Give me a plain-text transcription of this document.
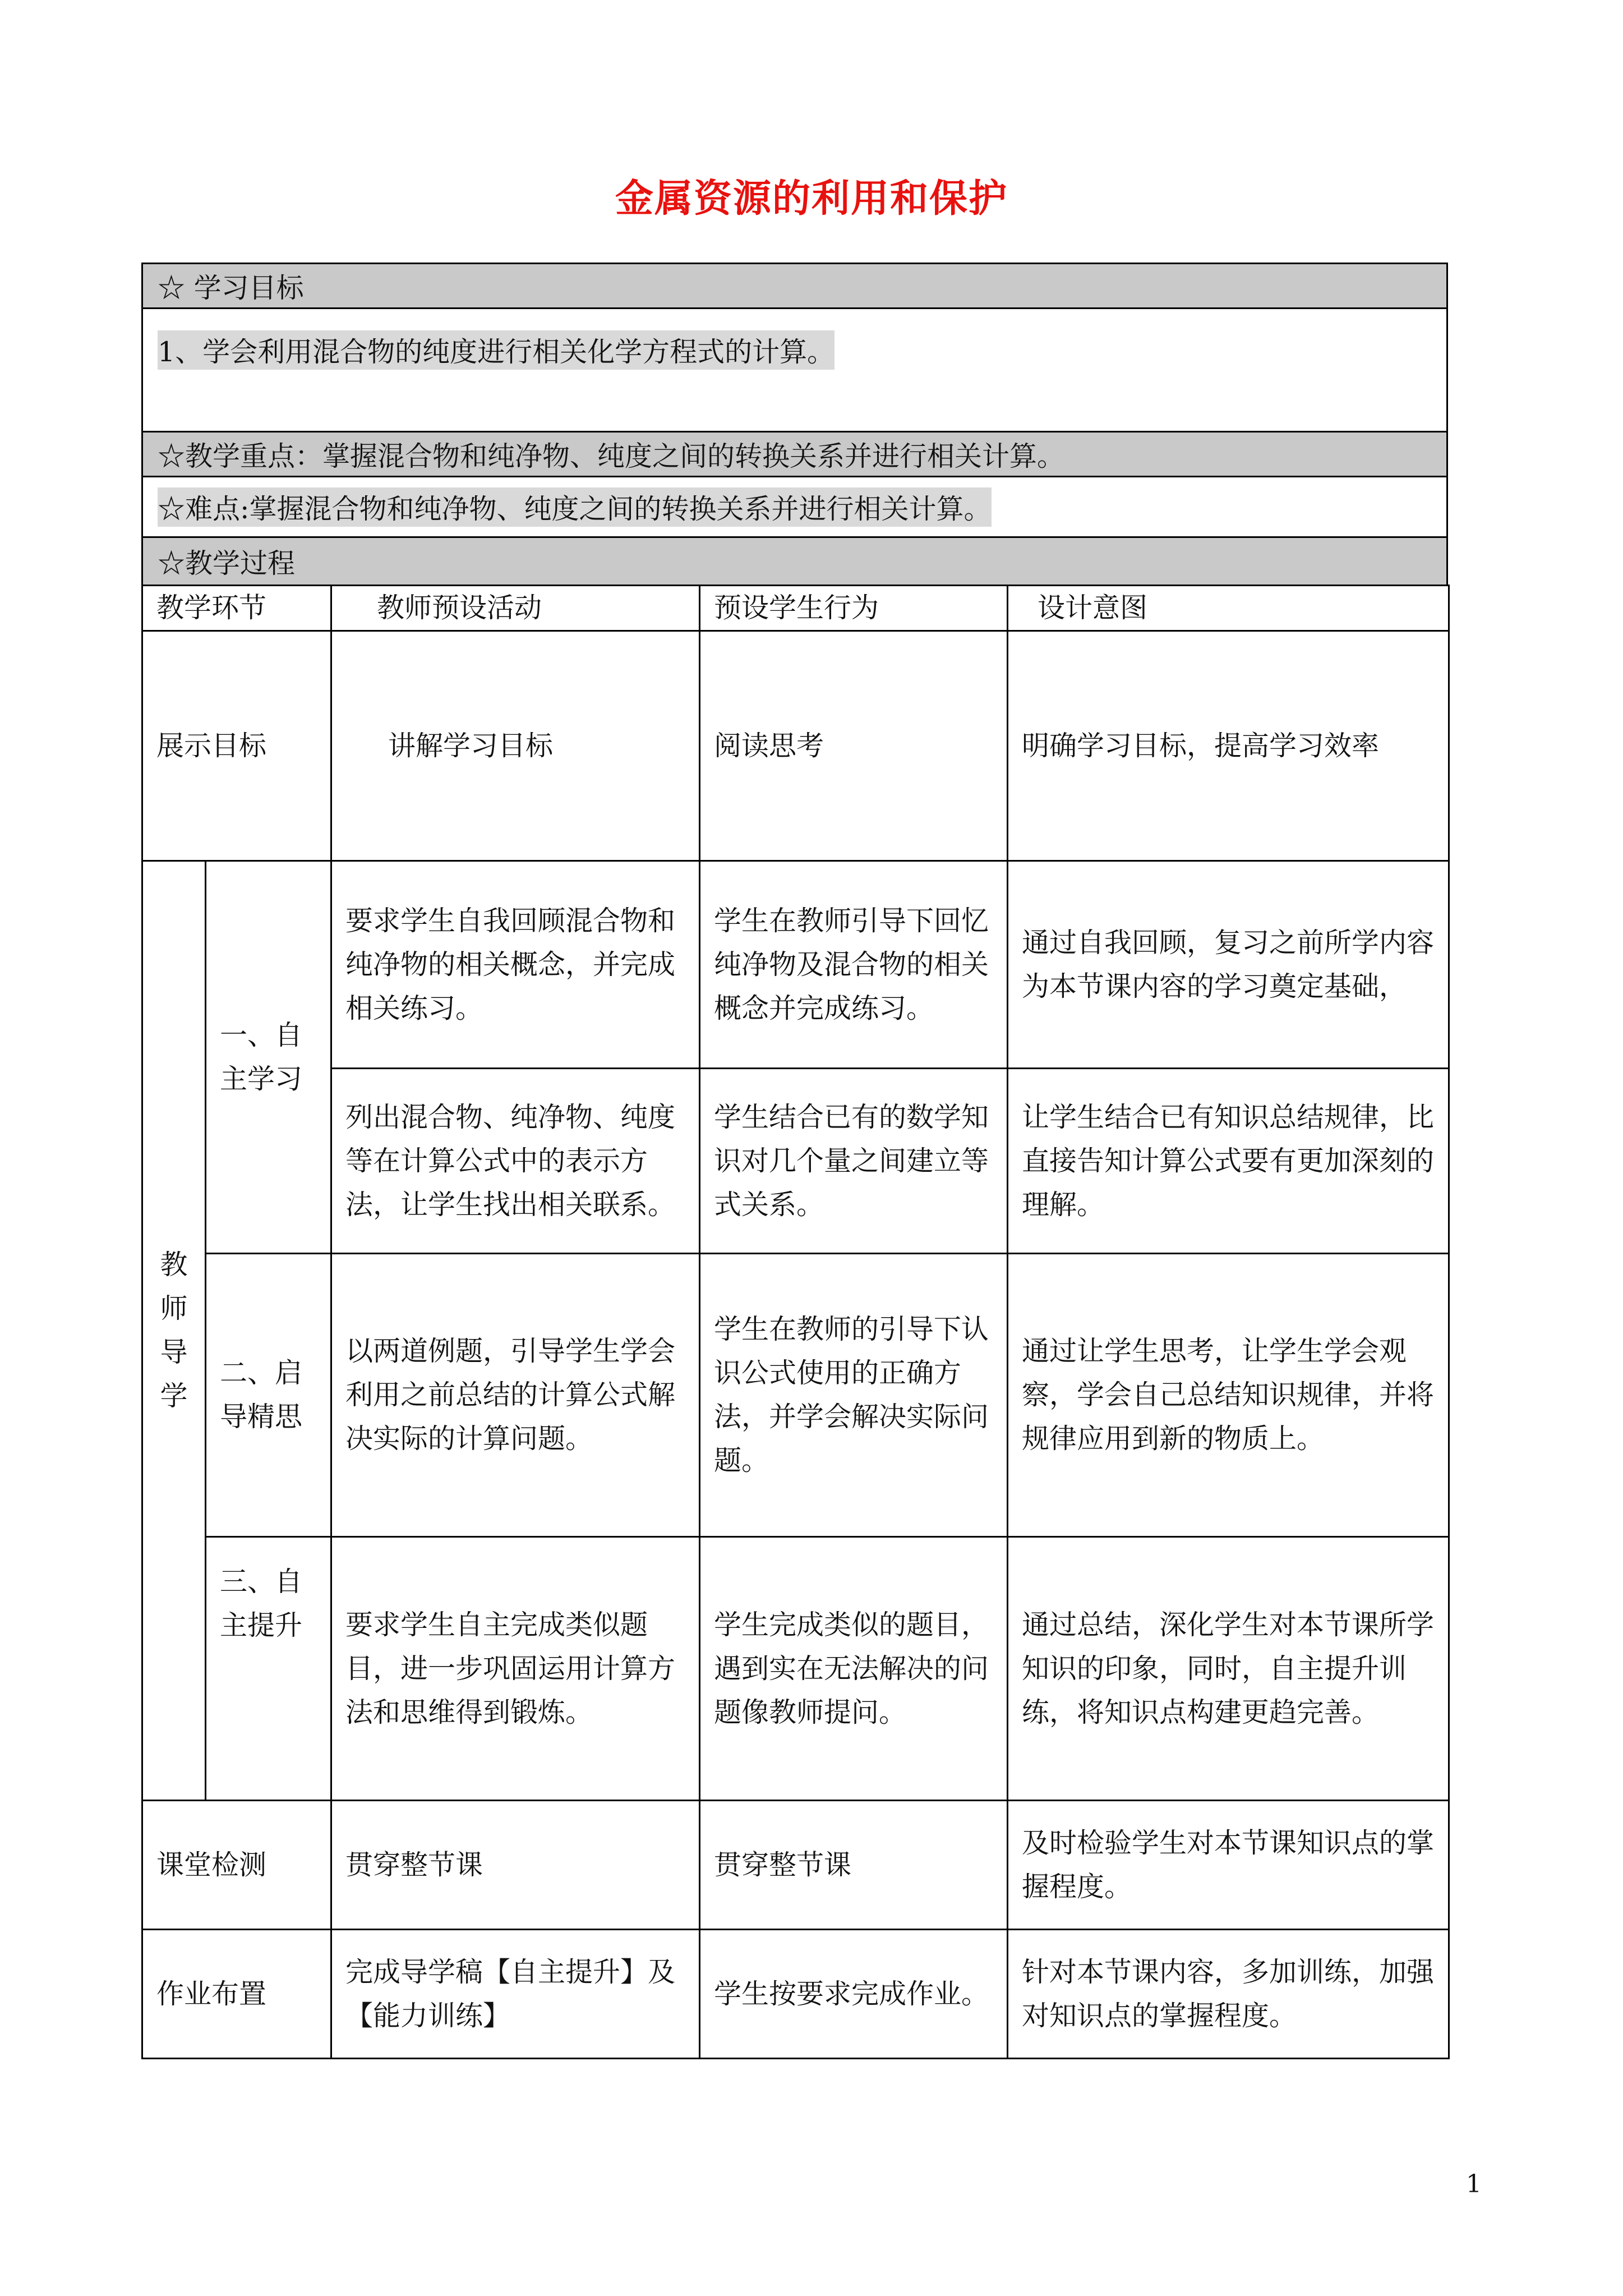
金属资源的利用和保护
☆ 学习目标
1、学会利用混合物的纯度进行相关化学方程式的计算。
☆教学重点：掌握混合物和纯净物、纯度之间的转换关系并进行相关计算。
☆难点:掌握混合物和纯净物、纯度之间的转换关系并进行相关计算。
☆教学过程
教学环节		教师预设活动	预设学生行为	设计意图
展示目标		讲解学习目标	阅读思考	明确学习目标，提高学习效率
教师导学	一、自主学习	要求学生自我回顾混合物和纯净物的相关概念，并完成相关练习。	学生在教师引导下回忆纯净物及混合物的相关概念并完成练习。	通过自我回顾，复习之前所学内容为本节课内容的学习奠定基础，
		列出混合物、纯净物、纯度等在计算公式中的表示方法，让学生找出相关联系。	学生结合已有的数学知识对几个量之间建立等式关系。	让学生结合已有知识总结规律，比直接告知计算公式要有更加深刻的理解。
	二、启导精思	以两道例题，引导学生学会利用之前总结的计算公式解决实际的计算问题。	学生在教师的引导下认识公式使用的正确方法，并学会解决实际问题。	通过让学生思考，让学生学会观察，学会自己总结知识规律，并将规律应用到新的物质上。
	三、自主提升	要求学生自主完成类似题目，进一步巩固运用计算方法和思维得到锻炼。	学生完成类似的题目，遇到实在无法解决的问题像教师提问。	通过总结，深化学生对本节课所学知识的印象，同时，自主提升训练，将知识点构建更趋完善。

课堂检测		贯穿整节课	贯穿整节课	及时检验学生对本节课知识点的掌握程度。
作业布置		完成导学稿【自主提升】及【能力训练】	学生按要求完成作业。	针对本节课内容，多加训练，加强对知识点的掌握程度。
1
